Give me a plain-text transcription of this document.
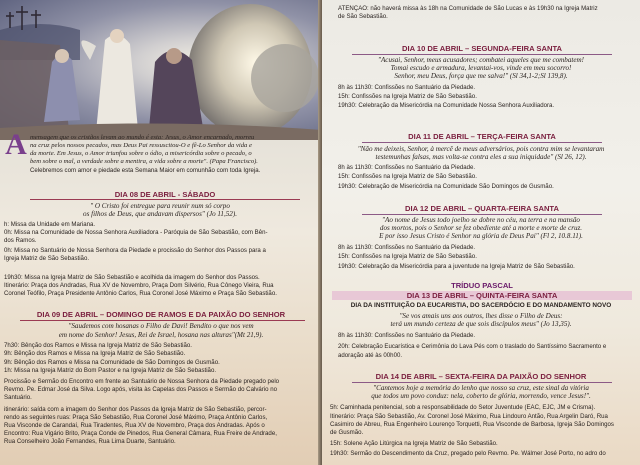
A mensagem que os cristãos levam ao mundo é esta: Jesus, o Amor encarnado, morreu
na cruz pelos nossos pecados, mas Deus Pai ressuscitou-O e fê-Lo Senhor da vida e
da morte. Em Jesus, o Amor triunfou sobre o ódio, a misericórdia sobre o pecado, o
bem sobre o mal, a verdade sobre a mentira, a vida sobre a morte". (Papa Francisco).
Celebremos com amor e piedade esta Semana Maior em comunhão com toda Igreja.
DIA 08 DE ABRIL - SÁBADO
" O Cristo foi entregue para reunir num só corpo
os filhos de Deus, que andavam dispersos" (Jo 11,52).
h: Missa da Unidade em Mariana.
0h: Missa na Comunidade de Nossa Senhora Auxiliadora - Paróquia de São Sebastião, com Bên-
dos Ramos.
0h: Missa no Santuário de Nossa Senhora da Piedade e procissão do Senhor dos Passos para a
Igreja Matriz de São Sebastião.
19h30: Missa na Igreja Matriz de São Sebastião e acolhida da imagem do Senhor dos Passos.
Itinerário: Praça dos Andradas, Rua XV de Novembro, Praça Dom Silvério, Rua Cônego Vieira, Rua
Coronel Teófilo, Praça Presidente Antônio Carlos, Rua Coronel José Máximo e Praça São Sebastião.
DIA 09 DE ABRIL – DOMINGO DE RAMOS E DA PAIXÃO DO SENHOR
"Saudemos com hosanas o Filho de Davi! Bendito o que nos vem
em nome do Senhor! Jesus, Rei de Israel, hosana nas alturas"(Mt 21,9).
7h30: Bênção dos Ramos e Missa na Igreja Matriz de São Sebastião.
9h: Bênção dos Ramos e Missa na Igreja Matriz de São Sebastião.
9h: Bênção dos Ramos e Missa na Comunidade de São Domingos de Gusmão.
1h: Missa na Igreja Matriz do Bom Pastor e na Igreja Matriz de São Sebastião.
Procissão e Sermão do Encontro em frente ao Santuário de Nossa Senhora da Piedade pregado pelo
Revmo. Pe. Edmar José da Silva. Logo após, visita às Capelas dos Passos e Sermão do Calvário no
Santuário.
itinerário: saída com a imagem do Senhor dos Passos da Igreja Matriz de São Sebastião, percor-
rendo as seguintes ruas: Praça São Sebastião, Rua Coronel José Máximo, Praça Antônio Carlos,
Rua Visconde de Carandaí, Rua Tiradentes, Rua XV de Novembro, Praça dos Andradas. Após o
Encontro: Rua Vigário Brito, Praça Conde de Pinedos, Rua General Câmara, Rua Freire de Andrade,
Rua Conselheiro João Fernandes, Rua Lima Duarte, Santuário.
ATENÇÃO: não haverá missa às 18h na Comunidade de São Lucas e às 19h30 na Igreja Matriz
de São Sebastião.
DIA 10 DE ABRIL – SEGUNDA-FEIRA SANTA
"Acusai, Senhor, meus acusadores; combatei aqueles que me combatem!
Tomai escudo e armadura, levantai-vos, vinde em meu socorro!
Senhor, meu Deus, força que me salva!" (Sl 34,1-2;Sl 139,8).
8h às 11h30: Confissões no Santuário da Piedade.
15h: Confissões na Igreja Matriz de São Sebastião.
19h30: Celebração da Misericórdia na Comunidade Nossa Senhora Auxiliadora.
DIA 11 DE ABRIL – TERÇA-FEIRA SANTA
"Não me deixeis, Senhor, à mercê de meus adversários, pois contra mim se levantaram
testemunhas falsas, mas volta-se contra eles a sua iniquidade" (Sl 26, 12).
8h às 11h30: Confissões no Santuário da Piedade.
15h: Confissões na Igreja Matriz de São Sebastião.
19h30: Celebração de Misericórdia na Comunidade São Domingos de Gusmão.
DIA 12 DE ABRIL – QUARTA-FEIRA SANTA
"Ao nome de Jesus todo joelho se dobre no céu, na terra e na mansão
dos mortos, pois o Senhor se fez obediente até a morte e morte de cruz.
E por isso Jesus Cristo é Senhor na glória de Deus Pai" (Fl 2, 10.8.11).
8h às 11h30: Confissões no Santuário da Piedade.
15h: Confissões na Igreja Matriz de São Sebastião.
19h30: Celebração da Misericórdia para a juventude na Igreja Matriz de São Sebastião.
TRÍDUO PASCAL
DIA 13 DE ABRIL – QUINTA-FEIRA SANTA
DIA DA INSTITUIÇÃO DA EUCARISTIA, DO SACERDÓCIO E DO MANDAMENTO NOVO
"Se vos amais uns aos outros, lhes disse o Filho de Deus:
terá um mundo certeza de que sois discípulos meus" (Jo 13,35).
8h às 11h30: Confissões no Santuário da Piedade.
20h: Celebração Eucarística e Cerimônia do Lava Pés com o traslado do Santíssimo Sacramento e
adoração até às 00h00.
DIA 14 DE ABRIL – SEXTA-FEIRA DA PAIXÃO DO SENHOR
"Cantemos hoje a memória do lenho que nosso sa cruz, este sinal da vitória
que todos um povo conduz: nela, coberto de glória, morrendo, vence Jesus!".
5h: Caminhada penitencial, sob a responsabilidade do Setor Juventude (EAC, EJC, JM e Crisma).
Itinerário: Praça São Sebastião, Av. Coronel José Máximo, Rua Lindouro Antão, Rua Argelin Daró, Rua
Casimiro de Abreu, Rua Engenheiro Lourenço Torquetti, Rua Visconde de Barbosa, Igreja São Domingos
de Gusmão.
15h: Solene Ação Litúrgica na Igreja Matriz de São Sebastião.
19h30: Sermão do Descendimento da Cruz, pregado pelo Revmo. Pe. Wálmer José Porto, no adro do
